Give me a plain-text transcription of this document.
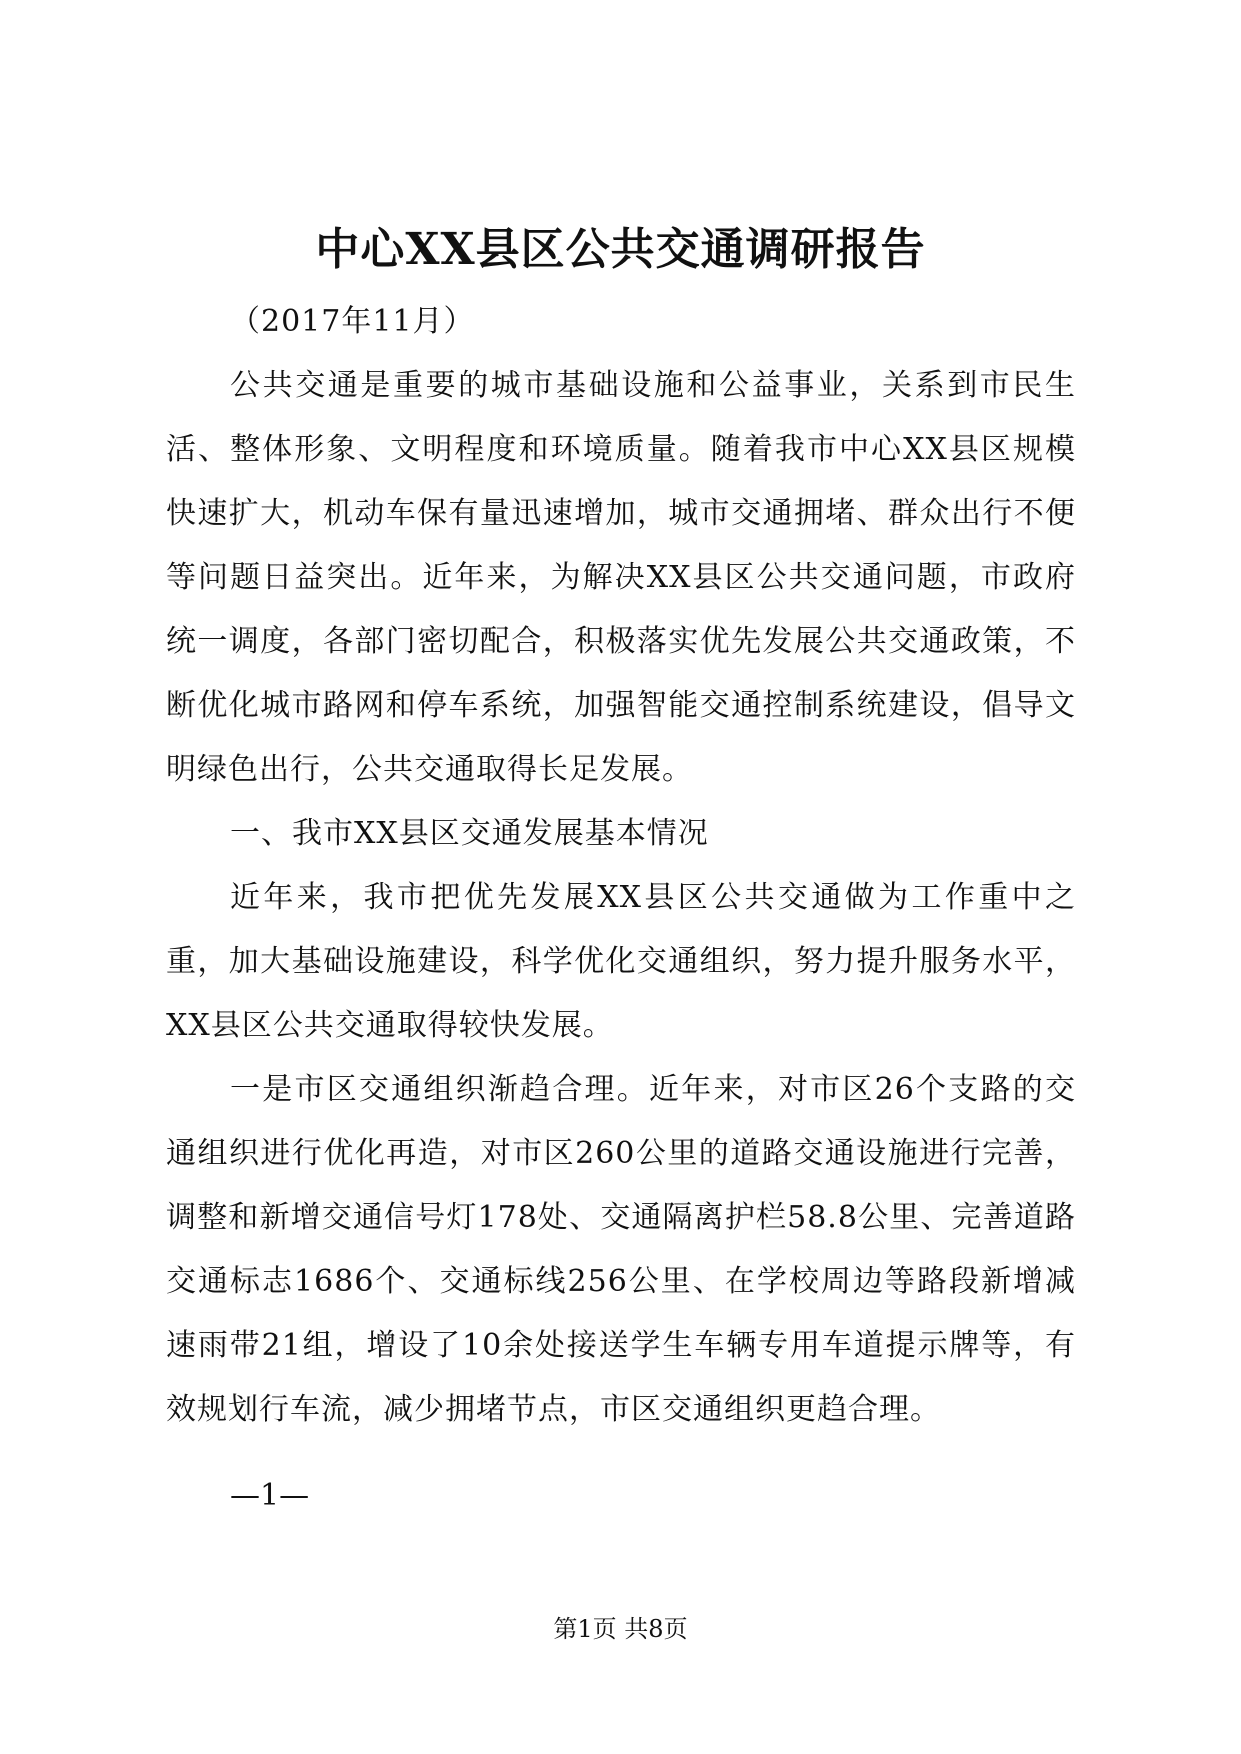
中心XX县区公共交通调研报告

（2017年11月）

公共交通是重要的城市基础设施和公益事业，关系到市民生活、整体形象、文明程度和环境质量。随着我市中心XX县区规模快速扩大，机动车保有量迅速增加，城市交通拥堵、群众出行不便等问题日益突出。近年来，为解决XX县区公共交通问题，市政府统一调度，各部门密切配合，积极落实优先发展公共交通政策，不断优化城市路网和停车系统，加强智能交通控制系统建设，倡导文明绿色出行，公共交通取得长足发展。

一、我市XX县区交通发展基本情况

近年来，我市把优先发展XX县区公共交通做为工作重中之重，加大基础设施建设，科学优化交通组织，努力提升服务水平，XX县区公共交通取得较快发展。

一是市区交通组织渐趋合理。近年来，对市区26个支路的交通组织进行优化再造，对市区260公里的道路交通设施进行完善，调整和新增交通信号灯178处、交通隔离护栏58.8公里、完善道路交通标志1686个、交通标线256公里、在学校周边等路段新增减速雨带21组，增设了10余处接送学生车辆专用车道提示牌等，有效规划行车流，减少拥堵节点，市区交通组织更趋合理。

—1—
第1页 共8页
